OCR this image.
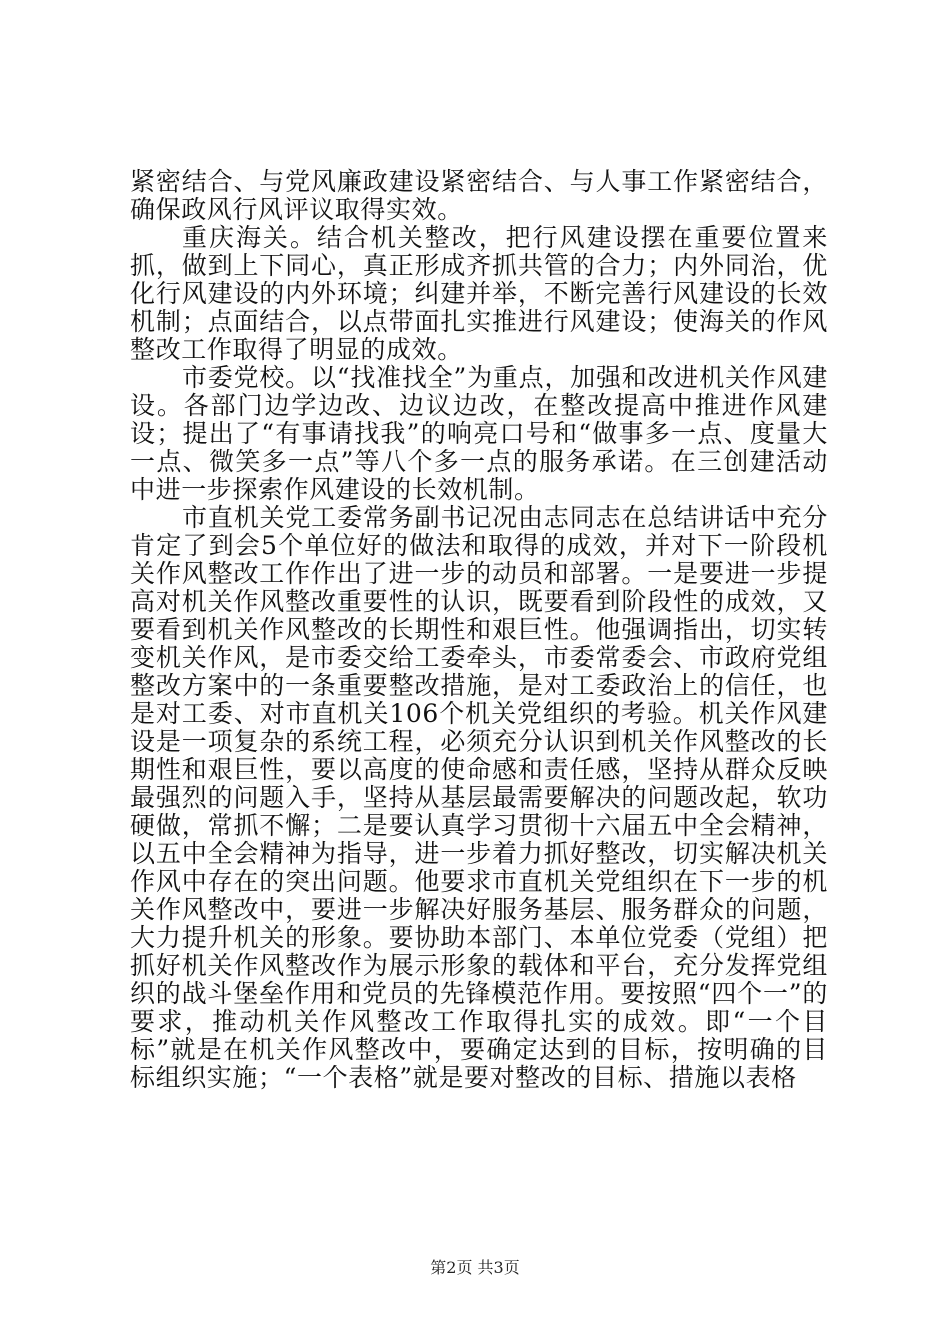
紧密结合、与党风廉政建设紧密结合、与人事工作紧密结合，确保政风行风评议取得实效。

重庆海关。结合机关整改，把行风建设摆在重要位置来抓，做到上下同心，真正形成齐抓共管的合力；内外同治，优化行风建设的内外环境；纠建并举，不断完善行风建设的长效机制；点面结合，以点带面扎实推进行风建设；使海关的作风整改工作取得了明显的成效。

市委党校。以“找准找全”为重点，加强和改进机关作风建设。各部门边学边改、边议边改，在整改提高中推进作风建设；提出了“有事请找我”的响亮口号和“做事多一点、度量大一点、微笑多一点”等八个多一点的服务承诺。在三创建活动中进一步探索作风建设的长效机制。

市直机关党工委常务副书记况由志同志在总结讲话中充分肯定了到会5个单位好的做法和取得的成效，并对下一阶段机关作风整改工作作出了进一步的动员和部署。一是要进一步提高对机关作风整改重要性的认识，既要看到阶段性的成效，又要看到机关作风整改的长期性和艰巨性。他强调指出，切实转变机关作风，是市委交给工委牵头，市委常委会、市政府党组整改方案中的一条重要整改措施，是对工委政治上的信任，也是对工委、对市直机关106个机关党组织的考验。机关作风建设是一项复杂的系统工程，必须充分认识到机关作风整改的长期性和艰巨性，要以高度的使命感和责任感，坚持从群众反映最强烈的问题入手，坚持从基层最需要解决的问题改起，软功硬做，常抓不懈；二是要认真学习贯彻十六届五中全会精神，以五中全会精神为指导，进一步着力抓好整改，切实解决机关作风中存在的突出问题。他要求市直机关党组织在下一步的机关作风整改中，要进一步解决好服务基层、服务群众的问题，大力提升机关的形象。要协助本部门、本单位党委（党组）把抓好机关作风整改作为展示形象的载体和平台，充分发挥党组织的战斗堡垒作用和党员的先锋模范作用。要按照“四个一”的要求，推动机关作风整改工作取得扎实的成效。即“一个目标”就是在机关作风整改中，要确定达到的目标，按明确的目标组织实施；“一个表格”就是要对整改的目标、措施以表格

第2页 共3页
